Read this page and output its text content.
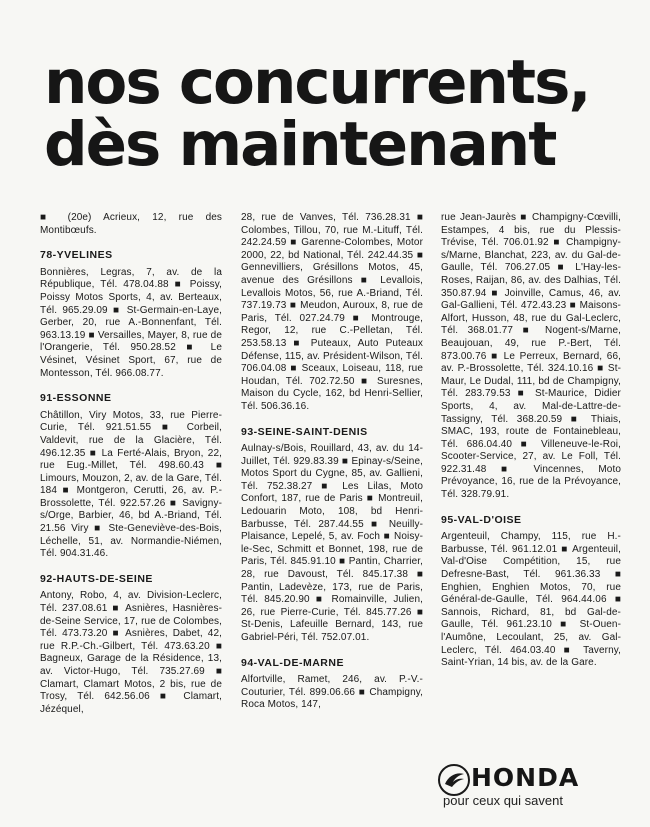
nos concurrents,
dès maintenant
■ (20e) Acrieux, 12, rue des Montibœufs.
78-YVELINES
Bonnières, Legras, 7, av. de la République, Tél. 478.04.88 ■ Poissy, Poissy Motos Sports, 4, av. Berteaux, Tél. 965.29.09 ■ St-Germain-en-Laye, Gerber, 20, rue A.-Bonnenfant, Tél. 963.13.19 ■ Versailles, Mayer, 8, rue de l'Orangerie, Tél. 950.28.52 ■ Le Vésinet, Vésinet Sport, 67, rue de Montesson, Tél. 966.08.77.
91-ESSONNE
Châtillon, Viry Motos, 33, rue Pierre-Curie, Tél. 921.51.55 ■ Corbeil, Valdevit, rue de la Glacière, Tél. 496.12.35 ■ La Ferté-Alais, Bryon, 22, rue Eug.-Millet, Tél. 498.60.43 ■ Limours, Mouzon, 2, av. de la Gare, Tél. 184 ■ Montgeron, Cerutti, 26, av. P.-Brossolette, Tél. 922.57.26 ■ Savigny-s/Orge, Barbier, 46, bd A.-Briand, Tél. 21.56 Viry ■ Ste-Geneviève-des-Bois, Léchelle, 51, av. Normandie-Niémen, Tél. 904.31.46.
92-HAUTS-DE-SEINE
Antony, Robo, 4, av. Division-Leclerc, Tél. 237.08.61 ■ Asnières, Hasnières-de-Seine Service, 17, rue de Colombes, Tél. 473.73.20 ■ Asnières, Dabet, 42, rue R.P.-Ch.-Gilbert, Tél. 473.63.20 ■ Bagneux, Garage de la Résidence, 13, av. Victor-Hugo, Tél. 735.27.69 ■ Clamart, Clamart Motos, 2 bis, rue de Trosy, Tél. 642.56.06 ■ Clamart, Jézéquel,
28, rue de Vanves, Tél. 736.28.31 ■ Colombes, Tillou, 70, rue M.-Lituff, Tél. 242.24.59 ■ Garenne-Colombes, Motor 2000, 22, bd National, Tél. 242.44.35 ■ Gennevilliers, Grésillons Motos, 45, avenue des Grésillons ■ Levallois, Levallois Motos, 56, rue A.-Briand, Tél. 737.19.73 ■ Meudon, Auroux, 8, rue de Paris, Tél. 027.24.79 ■ Montrouge, Regor, 12, rue C.-Pelletan, Tél. 253.58.13 ■ Puteaux, Auto Puteaux Défense, 115, av. Président-Wilson, Tél. 706.04.08 ■ Sceaux, Loiseau, 118, rue Houdan, Tél. 702.72.50 ■ Suresnes, Maison du Cycle, 162, bd Henri-Sellier, Tél. 506.36.16.
93-SEINE-SAINT-DENIS
Aulnay-s/Bois, Rouillard, 43, av. du 14-Juillet, Tél. 929.83.39 ■ Epinay-s/Seine, Motos Sport du Cygne, 85, av. Gallieni, Tél. 752.38.27 ■ Les Lilas, Moto Confort, 187, rue de Paris ■ Montreuil, Ledouarin Moto, 108, bd Henri-Barbusse, Tél. 287.44.55 ■ Neuilly-Plaisance, Lepelé, 5, av. Foch ■ Noisy-le-Sec, Schmitt et Bonnet, 198, rue de Paris, Tél. 845.91.10 ■ Pantin, Charrier, 28, rue Davoust, Tél. 845.17.38 ■ Pantin, Ladevèze, 173, rue de Paris, Tél. 845.20.90 ■ Romainville, Julien, 26, rue Pierre-Curie, Tél. 845.77.26 ■ St-Denis, Lafeuille Bernard, 143, rue Gabriel-Péri, Tél. 752.07.01.
94-VAL-DE-MARNE
Alfortville, Ramet, 246, av. P.-V.-Couturier, Tél. 899.06.66 ■ Champigny, Roca Motos, 147,
rue Jean-Jaurès ■ Champigny-Cœvilli, Estampes, 4 bis, rue du Plessis-Trévise, Tél. 706.01.92 ■ Champigny-s/Marne, Blanchat, 223, av. du Gal-de-Gaulle, Tél. 706.27.05 ■ L'Hay-les-Roses, Raijan, 86, av. des Dalhias, Tél. 350.87.94 ■ Joinville, Camus, 46, av. Gal-Gallieni, Tél. 472.43.23 ■ Maisons-Alfort, Husson, 48, rue du Gal-Leclerc, Tél. 368.01.77 ■ Nogent-s/Marne, Beaujouan, 49, rue P.-Bert, Tél. 873.00.76 ■ Le Perreux, Bernard, 66, av. P.-Brossolette, Tél. 324.10.16 ■ St-Maur, Le Dudal, 111, bd de Champigny, Tél. 283.79.53 ■ St-Maurice, Didier Sports, 4, av. Mal-de-Lattre-de-Tassigny, Tél. 368.20.59 ■ Thiais, SMAC, 193, route de Fontainebleau, Tél. 686.04.40 ■ Villeneuve-le-Roi, Scooter-Service, 27, av. Le Foll, Tél. 922.31.48 ■ Vincennes, Moto Prévoyance, 16, rue de la Prévoyance, Tél. 328.79.91.
95-VAL-D'OISE
Argenteuil, Champy, 115, rue H.-Barbusse, Tél. 961.12.01 ■ Argenteuil, Val-d'Oise Compétition, 15, rue Defresne-Bast, Tél. 961.36.33 ■ Enghien, Enghien Motos, 70, rue Général-de-Gaulle, Tél. 964.44.06 ■ Sannois, Richard, 81, bd Gal-de-Gaulle, Tél. 961.23.10 ■ St-Ouen-l'Aumône, Lecoulant, 25, av. Gal-Leclerc, Tél. 464.03.40 ■ Taverny, Saint-Yrian, 14 bis, av. de la Gare.
HONDA
pour ceux qui savent
